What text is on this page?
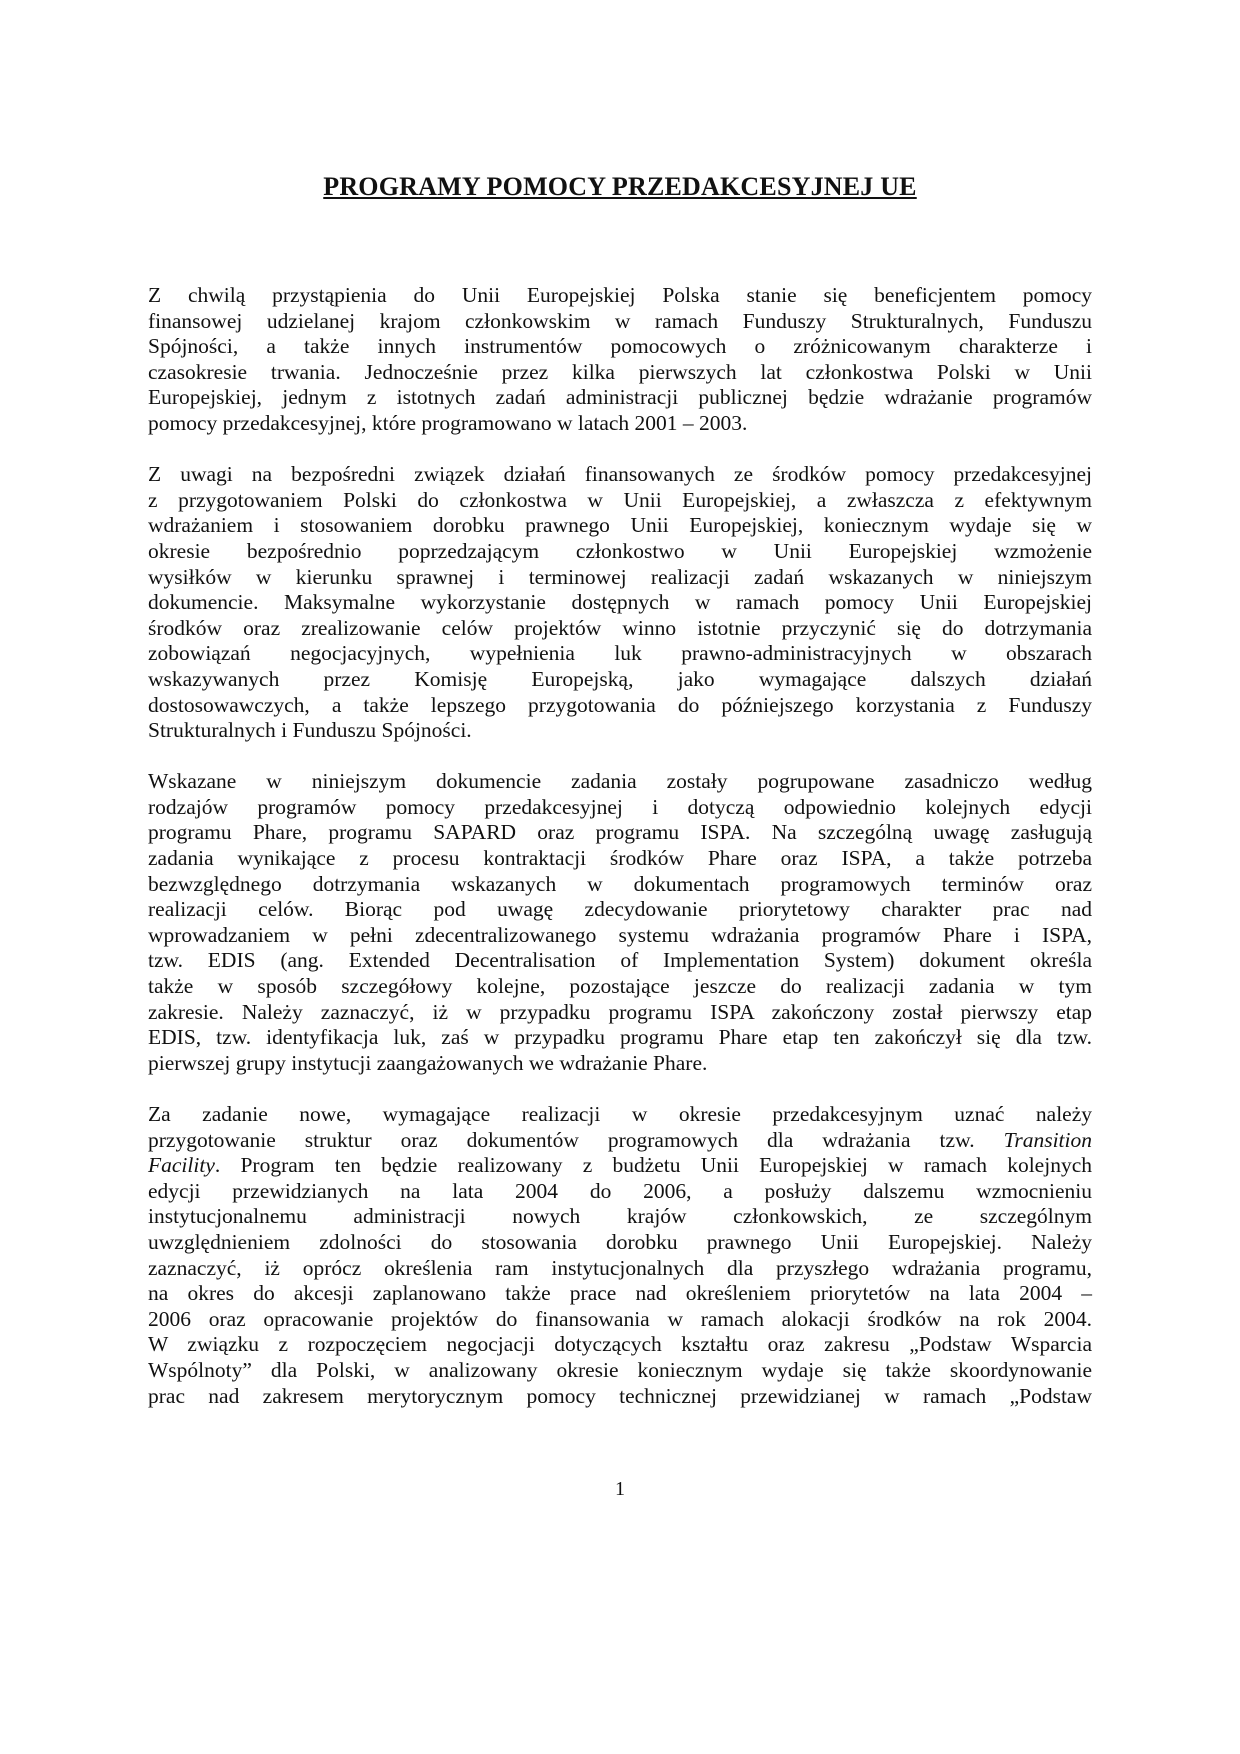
PROGRAMY POMOCY PRZEDAKCESYJNEJ UE

Z chwilą przystąpienia do Unii Europejskiej Polska stanie się beneficjentem pomocy
finansowej udzielanej krajom członkowskim w ramach Funduszy Strukturalnych, Funduszu
Spójności, a także innych instrumentów pomocowych o zróżnicowanym charakterze i
czasokresie trwania. Jednocześnie przez kilka pierwszych lat członkostwa Polski w Unii
Europejskiej, jednym z istotnych zadań administracji publicznej będzie wdrażanie programów
pomocy przedakcesyjnej, które programowano w latach 2001 – 2003.

Z uwagi na bezpośredni związek działań finansowanych ze środków pomocy przedakcesyjnej
z przygotowaniem Polski do członkostwa w Unii Europejskiej, a zwłaszcza z efektywnym
wdrażaniem i stosowaniem dorobku prawnego Unii Europejskiej, koniecznym wydaje się w
okresie bezpośrednio poprzedzającym członkostwo w Unii Europejskiej wzmożenie
wysiłków w kierunku sprawnej i terminowej realizacji zadań wskazanych w niniejszym
dokumencie. Maksymalne wykorzystanie dostępnych w ramach pomocy Unii Europejskiej
środków oraz zrealizowanie celów projektów winno istotnie przyczynić się do dotrzymania
zobowiązań negocjacyjnych, wypełnienia luk prawno-administracyjnych w obszarach
wskazywanych przez Komisję Europejską, jako wymagające dalszych działań
dostosowawczych, a także lepszego przygotowania do późniejszego korzystania z Funduszy
Strukturalnych i Funduszu Spójności.

Wskazane w niniejszym dokumencie zadania zostały pogrupowane zasadniczo według
rodzajów programów pomocy przedakcesyjnej i dotyczą odpowiednio kolejnych edycji
programu Phare, programu SAPARD oraz programu ISPA. Na szczególną uwagę zasługują
zadania wynikające z procesu kontraktacji środków Phare oraz ISPA, a także potrzeba
bezwzględnego dotrzymania wskazanych w dokumentach programowych terminów oraz
realizacji celów. Biorąc pod uwagę zdecydowanie priorytetowy charakter prac nad
wprowadzaniem w pełni zdecentralizowanego systemu wdrażania programów Phare i ISPA,
tzw. EDIS (ang. Extended Decentralisation of Implementation System) dokument określa
także w sposób szczegółowy kolejne, pozostające jeszcze do realizacji zadania w tym
zakresie. Należy zaznaczyć, iż w przypadku programu ISPA zakończony został pierwszy etap
EDIS, tzw. identyfikacja luk, zaś w przypadku programu Phare etap ten zakończył się dla tzw.
pierwszej grupy instytucji zaangażowanych we wdrażanie Phare.

Za zadanie nowe, wymagające realizacji w okresie przedakcesyjnym uznać należy
przygotowanie struktur oraz dokumentów programowych dla wdrażania tzw. Transition
Facility. Program ten będzie realizowany z budżetu Unii Europejskiej w ramach kolejnych
edycji przewidzianych na lata 2004 do 2006, a posłuży dalszemu wzmocnieniu
instytucjonalnemu administracji nowych krajów członkowskich, ze szczególnym
uwzględnieniem zdolności do stosowania dorobku prawnego Unii Europejskiej. Należy
zaznaczyć, iż oprócz określenia ram instytucjonalnych dla przyszłego wdrażania programu,
na okres do akcesji zaplanowano także prace nad określeniem priorytetów na lata 2004 –
2006 oraz opracowanie projektów do finansowania w ramach alokacji środków na rok 2004.
W związku z rozpoczęciem negocjacji dotyczących kształtu oraz zakresu „Podstaw Wsparcia
Wspólnoty” dla Polski, w analizowany okresie koniecznym wydaje się także skoordynowanie
prac nad zakresem merytorycznym pomocy technicznej przewidzianej w ramach „Podstaw

1
